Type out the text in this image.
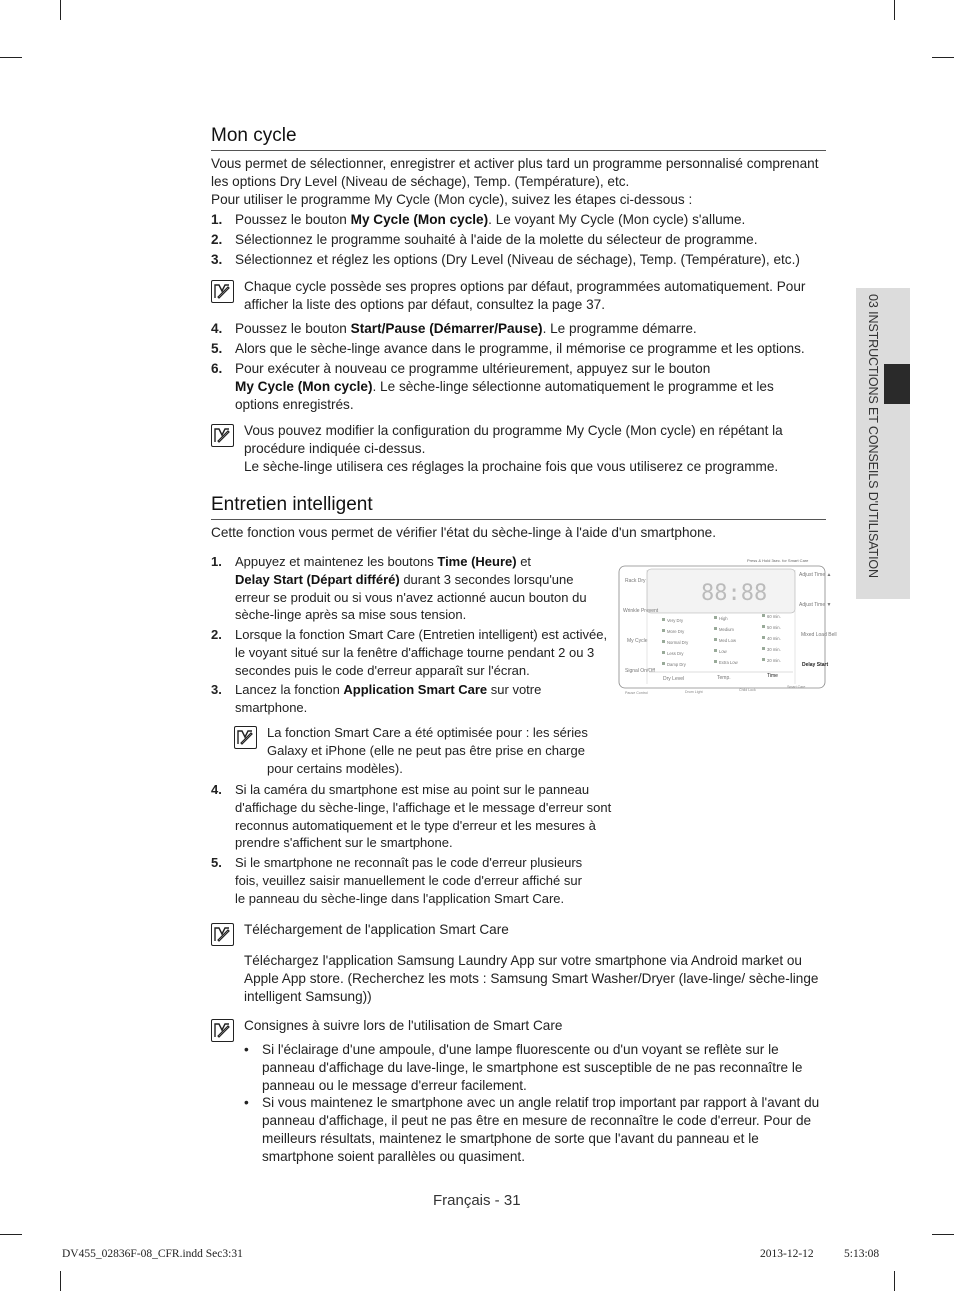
03 INSTRUCTIONS ET CONSEILS D'UTILISATION
Mon cycle
Vous permet de sélectionner, enregistrer et activer plus tard un programme personnalisé comprenant les options Dry Level (Niveau de séchage), Temp. (Température), etc.
Pour utiliser le programme My Cycle (Mon cycle), suivez les étapes ci-dessous :
1. Poussez le bouton My Cycle (Mon cycle). Le voyant My Cycle (Mon cycle) s'allume.
2. Sélectionnez le programme souhaité à l'aide de la molette du sélecteur de programme.
3. Sélectionnez et réglez les options (Dry Level (Niveau de séchage), Temp. (Température), etc.)
Chaque cycle possède ses propres options par défaut, programmées automatiquement. Pour afficher la liste des options par défaut, consultez la page 37.
4. Poussez le bouton Start/Pause (Démarrer/Pause). Le programme démarre.
5. Alors que le sèche-linge avance dans le programme, il mémorise ce programme et les options.
6. Pour exécuter à nouveau ce programme ultérieurement, appuyez sur le bouton
My Cycle (Mon cycle). Le sèche-linge sélectionne automatiquement le programme et les options enregistrés.
Vous pouvez modifier la configuration du programme My Cycle (Mon cycle) en répétant la procédure indiquée ci-dessus.
Le sèche-linge utilisera ces réglages la prochaine fois que vous utiliserez ce programme.
Entretien intelligent
Cette fonction vous permet de vérifier l'état du sèche-linge à l'aide d'un smartphone.
1. Appuyez et maintenez les boutons Time (Heure) et
Delay Start (Départ différé) durant 3 secondes lorsqu'une erreur se produit ou si vous n'avez actionné aucun bouton du sèche-linge après sa mise sous tension.
2. Lorsque la fonction Smart Care (Entretien intelligent) est activée, le voyant situé sur la fenêtre d'affichage tourne pendant 2 ou 3 secondes puis le code d'erreur apparaît sur l'écran.
3. Lancez la fonction Application Smart Care sur votre smartphone.
La fonction Smart Care a été optimisée pour : les séries Galaxy et iPhone (elle ne peut pas être prise en charge pour certains modèles).
4. Si la caméra du smartphone est mise au point sur le panneau d'affichage du sèche-linge, l'affichage et le message d'erreur sont reconnus automatiquement et le type d'erreur et les mesures à prendre s'affichent sur le smartphone.
5. Si le smartphone ne reconnaît pas le code d'erreur plusieurs fois, veuillez saisir manuellement le code d'erreur affiché sur le panneau du sèche-linge dans l'application Smart Care.
Press & Hold 3sec. for Smart Care
88:88
Rack Dry
Wrinkle Prevent
My Cycle
Signal On/Off
Adjust Time ▲
Adjust Time ▼
Mixed Load Bell
Delay Start
Very Dry
More Dry
Normal Dry
Less Dry
Damp Dry
High
Medium
Med Low
Low
Extra Low
60 min.
50 min.
40 min.
30 min.
20 min.
Dry Level	Temp.	Time
Pause Control	Drum Light	Child Lock
Smart Care
Téléchargement de l'application Smart Care
Téléchargez l'application Samsung Laundry App sur votre smartphone via Android market ou Apple App store. (Recherchez les mots : Samsung Smart Washer/Dryer (lave-linge/ sèche-linge intelligent Samsung))
Consignes à suivre lors de l'utilisation de Smart Care
• Si l'éclairage d'une ampoule, d'une lampe fluorescente ou d'un voyant se reflète sur le panneau d'affichage du lave-linge, le smartphone est susceptible de ne pas reconnaître le panneau ou le message d'erreur facilement.
• Si vous maintenez le smartphone avec un angle relatif trop important par rapport à l'avant du panneau d'affichage, il peut ne pas être en mesure de reconnaître le code d'erreur. Pour de meilleurs résultats, maintenez le smartphone de sorte que l'avant du panneau et le smartphone soient parallèles ou quasiment.
Français - 31
DV455_02836F-08_CFR.indd Sec3:31	2013-12-12	5:13:08
